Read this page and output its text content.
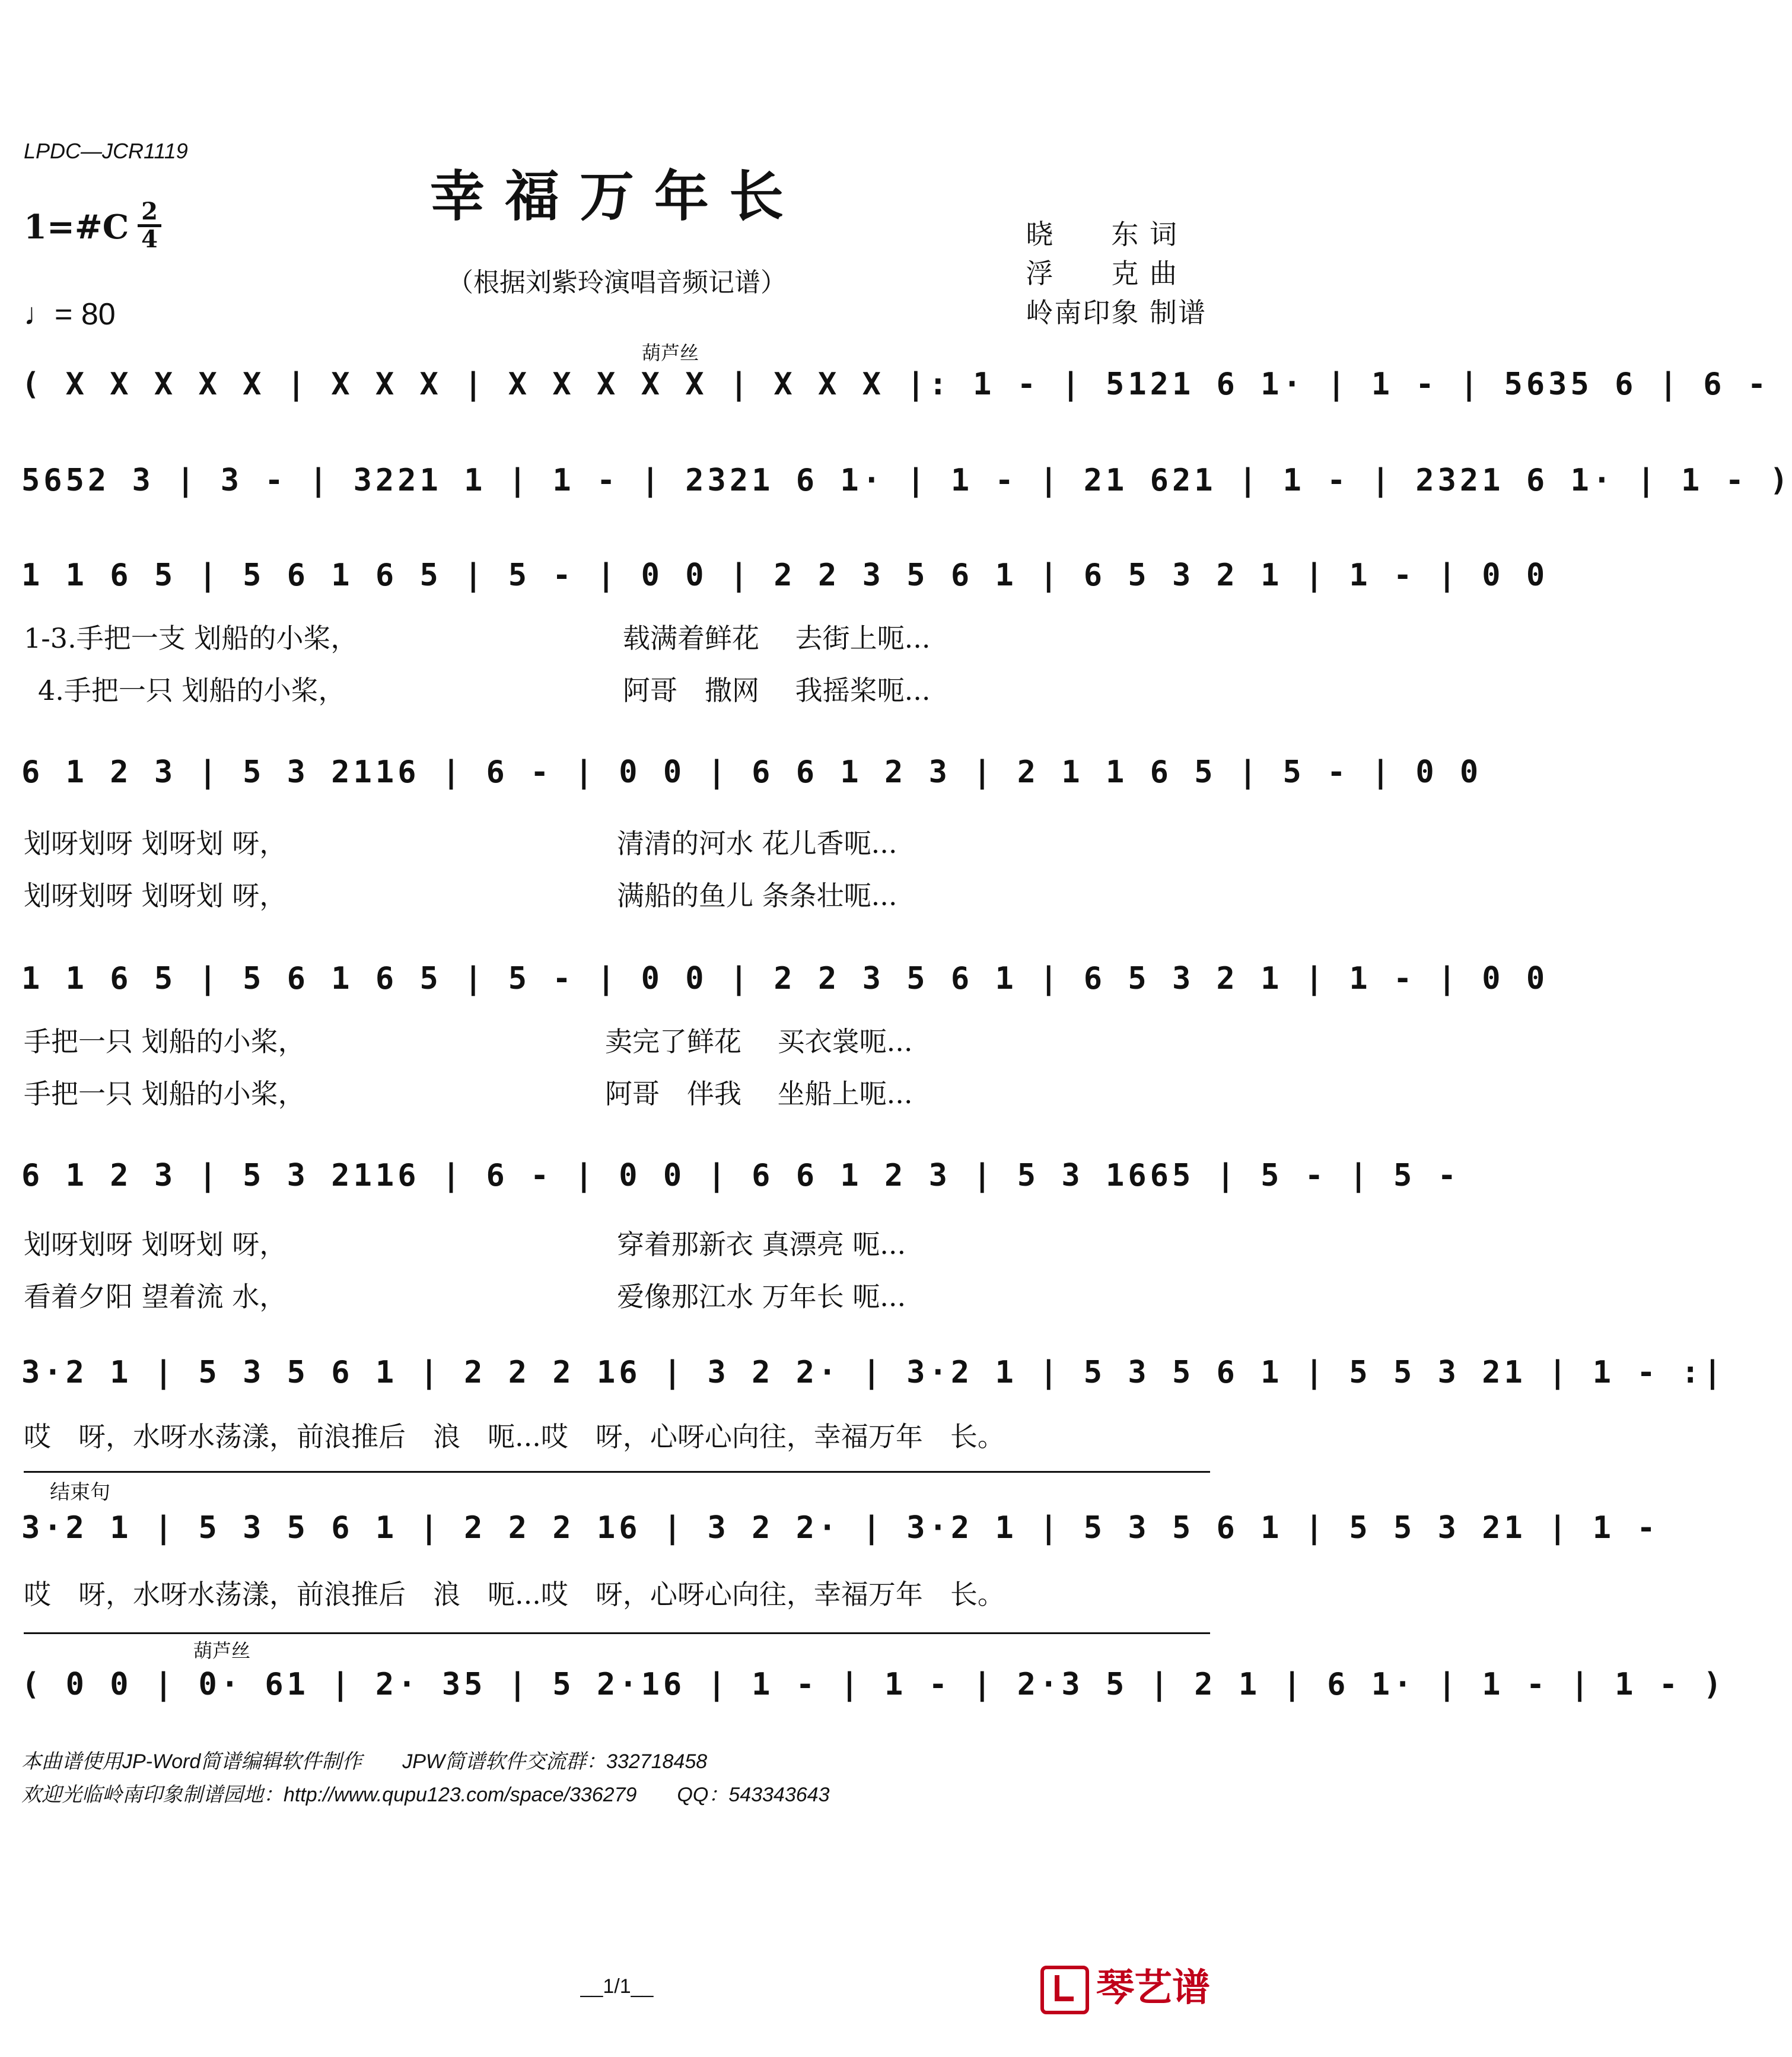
LPDC—JCR1119
幸福万年长
1=#C 2
4
（根据刘紫玲演唱音频记谱）
♩= 80
晓　　东 词
浮　　克 曲
岭南印象 制谱
葫芦丝
( X X X X X | X X X | X X X X X | X X X |: 1 - | 5121 6 1· | 1 - | 5635 6 | 6 -
5652 3 | 3 - | 3221 1 | 1 - | 2321 6 1· | 1 - | 21 621 | 1 - | 2321 6 1· | 1 - )
1 1 6 5 | 5 6 1 6 5 | 5 - | 0 0 | 2 2 3 5 6 1 | 6 5 3 2 1 | 1 - | 0 0
1-3.手把一支 划船的小桨，	载满着鲜花　 去街上呃...
4.手把一只 划船的小桨，	阿哥　撒网　 我摇桨呃...
6 1 2 3 | 5 3 2116 | 6 - | 0 0 | 6 6 1 2 3 | 2 1 1 6 5 | 5 - | 0 0
划呀划呀 划呀划 呀，	清清的河水 花儿香呃...
划呀划呀 划呀划 呀，	满船的鱼儿 条条壮呃...
1 1 6 5 | 5 6 1 6 5 | 5 - | 0 0 | 2 2 3 5 6 1 | 6 5 3 2 1 | 1 - | 0 0
手把一只 划船的小桨，	卖完了鲜花　 买衣裳呃...
手把一只 划船的小桨，	阿哥　伴我　 坐船上呃...
6 1 2 3 | 5 3 2116 | 6 - | 0 0 | 6 6 1 2 3 | 5 3 1665 | 5 - | 5 -
划呀划呀 划呀划 呀，	穿着那新衣 真漂亮 呃...
看着夕阳 望着流 水，	爱像那江水 万年长 呃...
3·2 1 | 5 3 5 6 1 | 2 2 2 16 | 3 2 2· | 3·2 1 | 5 3 5 6 1 | 5 5 3 21 | 1 - :|
哎　呀，水呀水荡漾，前浪推后　浪　呃...哎　呀，心呀心向往，幸福万年　长。
结束句
3·2 1 | 5 3 5 6 1 | 2 2 2 16 | 3 2 2· | 3·2 1 | 5 3 5 6 1 | 5 5 3 21 | 1 -
哎　呀，水呀水荡漾，前浪推后　浪　呃...哎　呀，心呀心向往，幸福万年　长。
葫芦丝
( 0 0 | 0· 61 | 2· 35 | 5 2·16 | 1 - | 1 - | 2·3 5 | 2 1 | 6 1· | 1 - | 1 - )
本曲谱使用JP-Word简谱编辑软件制作　　JPW简谱软件交流群：332718458
欢迎光临岭南印象制谱园地：http://www.qupu123.com/space/336279　　QQ：543343643
__1/1__	琴艺谱
